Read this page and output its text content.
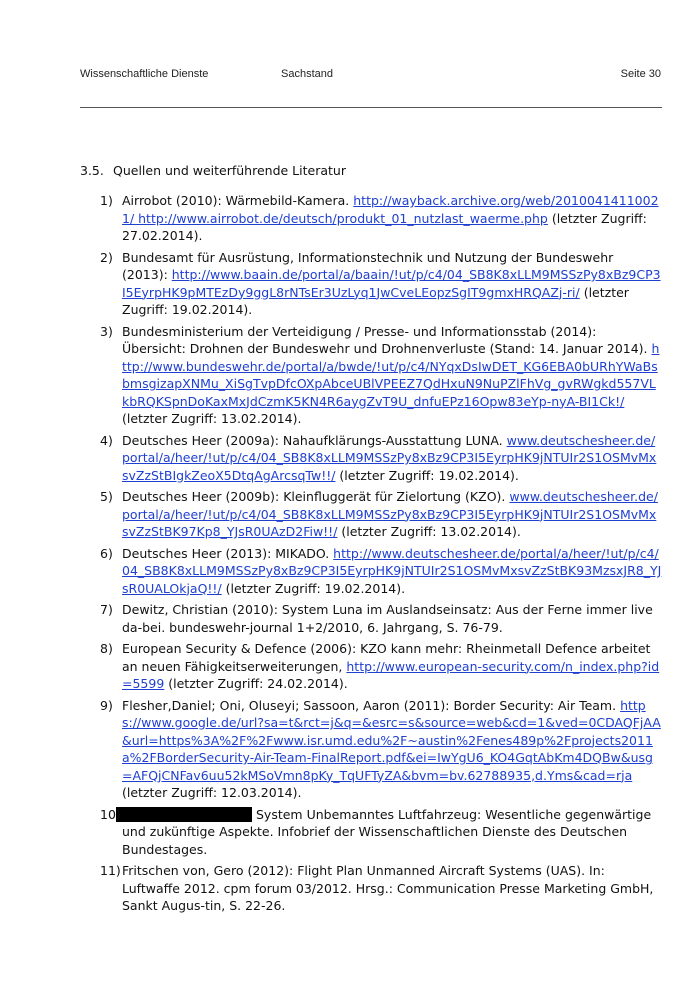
Wissenschaftliche Dienste	Sachstand	Seite 30
3.5. Quellen und weiterführende Literatur
1) Airrobot (2010): Wärmebild-Kamera. http://wayback.archive.org/web/20100414110021/ http://www.airrobot.de/deutsch/produkt_01_nutzlast_waerme.php (letzter Zugriff: 27.02.2014).
2) Bundesamt für Ausrüstung, Informationstechnik und Nutzung der Bundeswehr (2013): http://www.baain.de/portal/a/baain/!ut/p/c4/04_SB8K8xLLM9MSSzPy8xBz9CP3I5EyrpHK9pMTEzDy9ggL8rNTsEr3UzLyq1JwCveLEopzSgIT9gmxHRQAZj-ri/ (letzter Zugriff: 19.02.2014).
3) Bundesministerium der Verteidigung / Presse- und Informationsstab (2014): Übersicht: Drohnen der Bundeswehr und Drohnenverluste (Stand: 14. Januar 2014). http://www.bundeswehr.de/portal/a/bwde/!ut/p/c4/NYqxDsIwDET_KG6EBA0bURhYWaBsbmsgizapXNMu_XiSgTvpDfcOXpAbceUBlVPEEZ7QdHxuN9NuPZlFhVg_gvRWgkd557VLkbRQKSpnDoKaxMxJdCzmK5KN4R6aygZvT9U_dnfuEPz16Opw83eYp-nyA-BI1Ck!/ (letzter Zugriff: 13.02.2014).
4) Deutsches Heer (2009a): Nahaufklärungs-Ausstattung LUNA. www.deutschesheer.de/ portal/a/heer/!ut/p/c4/04_SB8K8xLLM9MSSzPy8xBz9CP3I5EyrpHK9jNTUIr2S1OSMvMxsvZzStBIgkZeoX5DtqAgArcsqTw!!/ (letzter Zugriff: 19.02.2014).
5) Deutsches Heer (2009b): Kleinfluggerät für Zielortung (KZO). www.deutschesheer.de/ portal/a/heer/!ut/p/c4/04_SB8K8xLLM9MSSzPy8xBz9CP3I5EyrpHK9jNTUIr2S1OSMvMxsvZzStBK97Kp8_YJsR0UAzD2Fiw!!/ (letzter Zugriff: 13.02.2014).
6) Deutsches Heer (2013): MIKADO. http://www.deutschesheer.de/portal/a/heer/!ut/p/c4/04_SB8K8xLLM9MSSzPy8xBz9CP3I5EyrpHK9jNTUIr2S1OSMvMxsvZzStBK93MzsxJR8_YJsR0UALOkjaQ!!/ (letzter Zugriff: 19.02.2014).
7) Dewitz, Christian (2010): System Luna im Auslandseinsatz: Aus der Ferne immer live da-bei. bundeswehr-journal 1+2/2010, 6. Jahrgang, S. 76-79.
8) European Security & Defence (2006): KZO kann mehr: Rheinmetall Defence arbeitet an neuen Fähigkeitserweiterungen, http://www.european-security.com/n_index.php?id=5599 (letzter Zugriff: 24.02.2014).
9) Flesher,Daniel; Oni, Oluseyi; Sassoon, Aaron (2011): Border Security: Air Team. https://www.google.de/url?sa=t&rct=j&q=&esrc=s&source=web&cd=1&ved=0CDAQFjAA&url=https%3A%2F%2Fwww.isr.umd.edu%2F~austin%2Fenes489p%2Fprojects2011a%2FBorderSecurity-Air-Team-FinalReport.pdf&ei=IwYgU6_KO4GqtAbKm4DQBw&usg=AFQjCNFav6uu52kMSoVmn8pKy_TqUFTyZA&bvm=bv.62788935,d.Yms&cad=rja (letzter Zugriff: 12.03.2014).
10)	System Unbemanntes Luftfahrzeug: Wesentliche gegenwärtige und zukünftige Aspekte. Infobrief der Wissenschaftlichen Dienste des Deutschen Bundestages.
11) Fritschen von, Gero (2012): Flight Plan Unmanned Aircraft Systems (UAS). In: Luftwaffe 2012. cpm forum 03/2012. Hrsg.: Communication Presse Marketing GmbH, Sankt Augus-tin, S. 22-26.
